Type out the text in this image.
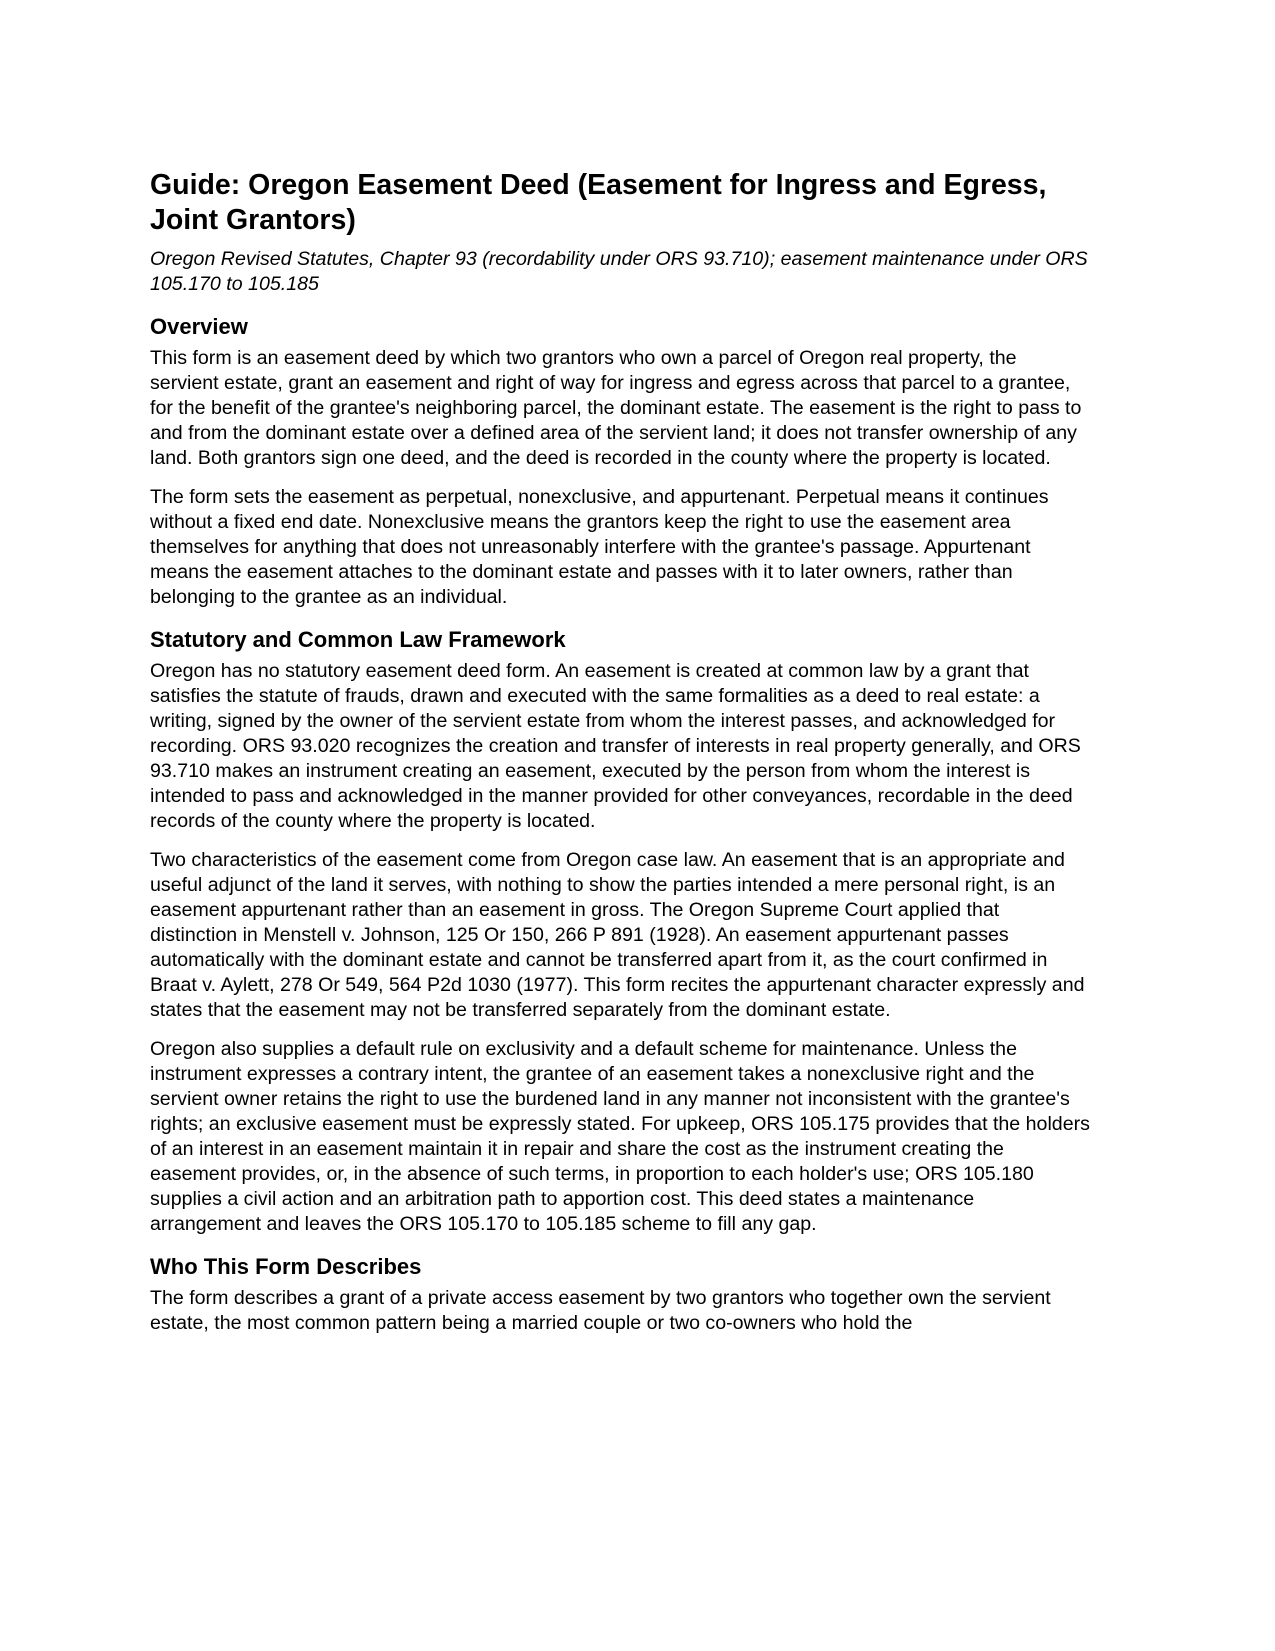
Guide: Oregon Easement Deed (Easement for Ingress and Egress, Joint Grantors)

Oregon Revised Statutes, Chapter 93 (recordability under ORS 93.710); easement maintenance under ORS 105.170 to 105.185

Overview

This form is an easement deed by which two grantors who own a parcel of Oregon real property, the servient estate, grant an easement and right of way for ingress and egress across that parcel to a grantee, for the benefit of the grantee's neighboring parcel, the dominant estate. The easement is the right to pass to and from the dominant estate over a defined area of the servient land; it does not transfer ownership of any land. Both grantors sign one deed, and the deed is recorded in the county where the property is located.

The form sets the easement as perpetual, nonexclusive, and appurtenant. Perpetual means it continues without a fixed end date. Nonexclusive means the grantors keep the right to use the easement area themselves for anything that does not unreasonably interfere with the grantee's passage. Appurtenant means the easement attaches to the dominant estate and passes with it to later owners, rather than belonging to the grantee as an individual.

Statutory and Common Law Framework

Oregon has no statutory easement deed form. An easement is created at common law by a grant that satisfies the statute of frauds, drawn and executed with the same formalities as a deed to real estate: a writing, signed by the owner of the servient estate from whom the interest passes, and acknowledged for recording. ORS 93.020 recognizes the creation and transfer of interests in real property generally, and ORS 93.710 makes an instrument creating an easement, executed by the person from whom the interest is intended to pass and acknowledged in the manner provided for other conveyances, recordable in the deed records of the county where the property is located.

Two characteristics of the easement come from Oregon case law. An easement that is an appropriate and useful adjunct of the land it serves, with nothing to show the parties intended a mere personal right, is an easement appurtenant rather than an easement in gross. The Oregon Supreme Court applied that distinction in Menstell v. Johnson, 125 Or 150, 266 P 891 (1928). An easement appurtenant passes automatically with the dominant estate and cannot be transferred apart from it, as the court confirmed in Braat v. Aylett, 278 Or 549, 564 P2d 1030 (1977). This form recites the appurtenant character expressly and states that the easement may not be transferred separately from the dominant estate.

Oregon also supplies a default rule on exclusivity and a default scheme for maintenance. Unless the instrument expresses a contrary intent, the grantee of an easement takes a nonexclusive right and the servient owner retains the right to use the burdened land in any manner not inconsistent with the grantee's rights; an exclusive easement must be expressly stated. For upkeep, ORS 105.175 provides that the holders of an interest in an easement maintain it in repair and share the cost as the instrument creating the easement provides, or, in the absence of such terms, in proportion to each holder's use; ORS 105.180 supplies a civil action and an arbitration path to apportion cost. This deed states a maintenance arrangement and leaves the ORS 105.170 to 105.185 scheme to fill any gap.

Who This Form Describes

The form describes a grant of a private access easement by two grantors who together own the servient estate, the most common pattern being a married couple or two co-owners who hold the
